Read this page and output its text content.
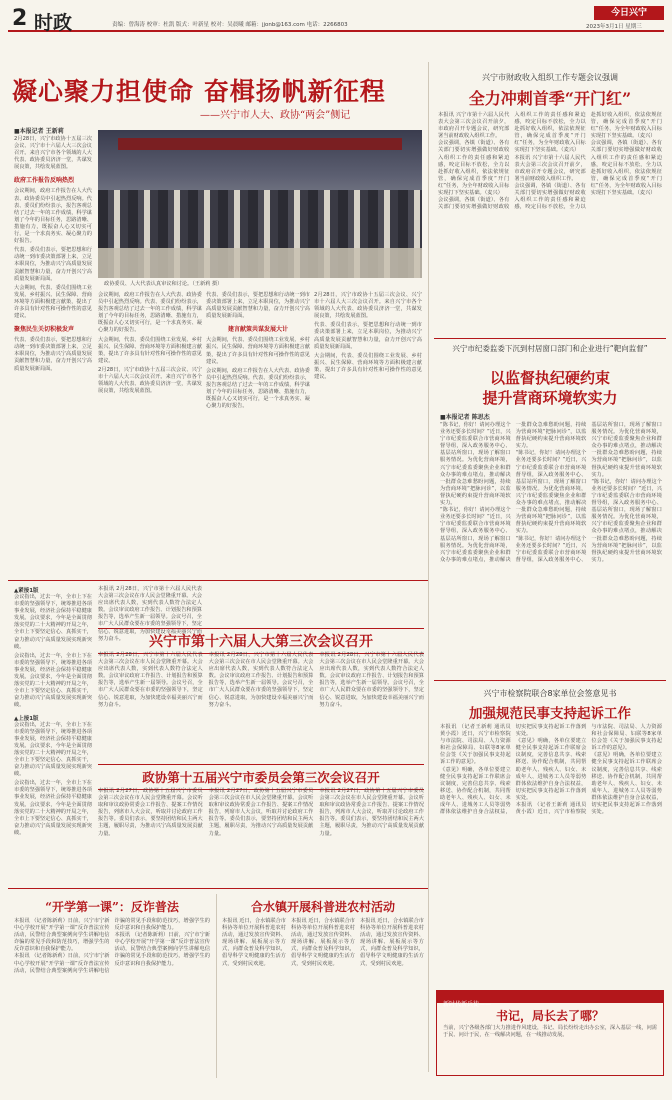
2 时政	责编：曾海涛 校审：杜凯 版式：叶新星 校对：吴晨曦 邮箱：jjonb@163.com 电话：2266803
今日兴宁
2023年3月1日 星期三
凝心聚力担使命 奋楫扬帆新征程
——兴宁市人大、政协“两会”侧记
■本报记者 王新莉
2月28日，兴宁市政协十五届三次会议、兴宁市十六届人大三次会议召开。来自兴宁市各个领域的人大代表、政协委员济济一堂，共谋发展良策，共绘发展蓝图。
政府工作报告反响热烈
会议期间，政府工作报告在人大代表、政协委员中引起热烈反响。代表、委员们纷纷表示，报告客观总结了过去一年的工作成绩，科学谋划了今年的目标任务，思路清晰、措施有力，既振奋人心又切实可行，是一个求真务实、凝心聚力的好报告。
代表、委员们表示，要把思想和行动统一到市委决策部署上来，立足本职岗位，为推动兴宁高质量发展贡献智慧和力量，奋力开创兴宁高质量发展新局面。
大会期间，代表、委员们围绕工业发展、乡村振兴、民生保障、营商环境等方面积极建言献策，提出了许多具有针对性和可操作性的意见建议。
聚焦民生关切积极发声
代表、委员们表示，要把思想和行动统一到市委决策部署上来，立足本职岗位，为推动兴宁高质量发展贡献智慧和力量，奋力开创兴宁高质量发展新局面。
政协委员、人大代表认真审议和讨论。（王新莉 摄）
会议期间，政府工作报告在人大代表、政协委员中引起热烈反响。代表、委员们纷纷表示，报告客观总结了过去一年的工作成绩，科学谋划了今年的目标任务，思路清晰、措施有力，既振奋人心又切实可行，是一个求真务实、凝心聚力的好报告。
大会期间，代表、委员们围绕工业发展、乡村振兴、民生保障、营商环境等方面积极建言献策，提出了许多具有针对性和可操作性的意见建议。
2月28日，兴宁市政协十五届三次会议、兴宁市十六届人大三次会议召开。来自兴宁市各个领域的人大代表、政协委员济济一堂，共谋发展良策，共绘发展蓝图。
代表、委员们表示，要把思想和行动统一到市委决策部署上来，立足本职岗位，为推动兴宁高质量发展贡献智慧和力量，奋力开创兴宁高质量发展新局面。
建言献策共谋发展大计
大会期间，代表、委员们围绕工业发展、乡村振兴、民生保障、营商环境等方面积极建言献策，提出了许多具有针对性和可操作性的意见建议。
会议期间，政府工作报告在人大代表、政协委员中引起热烈反响。代表、委员们纷纷表示，报告客观总结了过去一年的工作成绩，科学谋划了今年的目标任务，思路清晰、措施有力，既振奋人心又切实可行，是一个求真务实、凝心聚力的好报告。
2月28日，兴宁市政协十五届三次会议、兴宁市十六届人大三次会议召开。来自兴宁市各个领域的人大代表、政协委员济济一堂，共谋发展良策，共绘发展蓝图。
代表、委员们表示，要把思想和行动统一到市委决策部署上来，立足本职岗位，为推动兴宁高质量发展贡献智慧和力量，奋力开创兴宁高质量发展新局面。
大会期间，代表、委员们围绕工业发展、乡村振兴、民生保障、营商环境等方面积极建言献策，提出了许多具有针对性和可操作性的意见建议。
兴宁市财政收入组织工作专题会议强调
全力冲刺首季“开门红”
本报讯 兴宁市第十六届人民代表大会第三次会议召开前夕，市政府召开专题会议，研究部署当前财政收入组织工作。
会议强调，各镇（街道）、各有关部门要切实增强做好财政收入组织工作的责任感和紧迫感，咬定目标不放松，全力以赴抓好收入组织，依法依规征管，确保完成首季度“开门红”任务，为全年财政收入目标实现打下坚实基础。（麦兴）
会议强调，各镇（街道）、各有关部门要切实增强做好财政收入组织工作的责任感和紧迫感，咬定目标不放松，全力以赴抓好收入组织，依法依规征管，确保完成首季度“开门红”任务，为全年财政收入目标实现打下坚实基础。（麦兴）
本报讯 兴宁市第十六届人民代表大会第三次会议召开前夕，市政府召开专题会议，研究部署当前财政收入组织工作。
会议强调，各镇（街道）、各有关部门要切实增强做好财政收入组织工作的责任感和紧迫感，咬定目标不放松，全力以赴抓好收入组织，依法依规征管，确保完成首季度“开门红”任务，为全年财政收入目标实现打下坚实基础。（麦兴）
会议强调，各镇（街道）、各有关部门要切实增强做好财政收入组织工作的责任感和紧迫感，咬定目标不放松，全力以赴抓好收入组织，依法依规征管，确保完成首季度“开门红”任务，为全年财政收入目标实现打下坚实基础。（麦兴）
兴宁市纪委监委下沉到村居窗口部门和企业进行“靶向监督”
以监督执纪硬约束
提升营商环境软实力
■本报记者 陈思杰
“陈书记，你好！请问办理这个业务还要多长时间？”近日，兴宁市纪委监委联合市营商环境督导组，深入政务服务中心、基层站所窗口，现场了解窗口服务情况。为优化营商环境，兴宁市纪委监委聚焦企业和群众办事的难点堵点，推动解决一批群众急难愁盼问题，持续为营商环境“把脉问诊”，以监督执纪硬约束提升营商环境软实力。
“陈书记，你好！请问办理这个业务还要多长时间？”近日，兴宁市纪委监委联合市营商环境督导组，深入政务服务中心、基层站所窗口，现场了解窗口服务情况。为优化营商环境，兴宁市纪委监委聚焦企业和群众办事的难点堵点，推动解决一批群众急难愁盼问题，持续为营商环境“把脉问诊”，以监督执纪硬约束提升营商环境软实力。
“陈书记，你好！请问办理这个业务还要多长时间？”近日，兴宁市纪委监委联合市营商环境督导组，深入政务服务中心、基层站所窗口，现场了解窗口服务情况。为优化营商环境，兴宁市纪委监委聚焦企业和群众办事的难点堵点，推动解决一批群众急难愁盼问题，持续为营商环境“把脉问诊”，以监督执纪硬约束提升营商环境软实力。
“陈书记，你好！请问办理这个业务还要多长时间？”近日，兴宁市纪委监委联合市营商环境督导组，深入政务服务中心、基层站所窗口，现场了解窗口服务情况。为优化营商环境，兴宁市纪委监委聚焦企业和群众办事的难点堵点，推动解决一批群众急难愁盼问题，持续为营商环境“把脉问诊”，以监督执纪硬约束提升营商环境软实力。
“陈书记，你好！请问办理这个业务还要多长时间？”近日，兴宁市纪委监委联合市营商环境督导组，深入政务服务中心、基层站所窗口，现场了解窗口服务情况。为优化营商环境，兴宁市纪委监委聚焦企业和群众办事的难点堵点，推动解决一批群众急难愁盼问题，持续为营商环境“把脉问诊”，以监督执纪硬约束提升营商环境软实力。
兴宁市检察院联合8家单位会签意见书
加强规范民事支持起诉工作
本报讯 （记者王新莉 通讯员黄小霞）近日，兴宁市检察院与市法院、司法局、人力资源和社会保障局、妇联等8家单位会签《关于加强民事支持起诉工作的意见》。
《意见》明确，各单位要建立健全民事支持起诉工作联席会议制度，完善信息共享、线索移送、协作配合机制，共同帮助老年人、残疾人、妇女、未成年人、进城务工人员等弱势群体依法维护自身合法权益，切实把民事支持起诉工作落到实处。
《意见》明确，各单位要建立健全民事支持起诉工作联席会议制度，完善信息共享、线索移送、协作配合机制，共同帮助老年人、残疾人、妇女、未成年人、进城务工人员等弱势群体依法维护自身合法权益，切实把民事支持起诉工作落到实处。
本报讯 （记者王新莉 通讯员黄小霞）近日，兴宁市检察院与市法院、司法局、人力资源和社会保障局、妇联等8家单位会签《关于加强民事支持起诉工作的意见》。
《意见》明确，各单位要建立健全民事支持起诉工作联席会议制度，完善信息共享、线索移送、协作配合机制，共同帮助老年人、残疾人、妇女、未成年人、进城务工人员等弱势群体依法维护自身合法权益，切实把民事支持起诉工作落到实处。
新时代新兵徒——
书记，局长去了哪？
当前，兴宁各级各部门大力推进作风建设，书记、局长纷纷走出办公室，深入基层一线，问需于民、问计于民，在一线解决问题，在一线推动发展。
▲紧接1版
会议指出，过去一年，全市上下在市委的坚强领导下，统筹推进各项事业发展，经济社会保持平稳健康发展。会议要求，今年是全面贯彻落实党的二十大精神的开局之年，全市上下要坚定信心、真抓实干，奋力推动兴宁高质量发展实现新突破。
会议指出，过去一年，全市上下在市委的坚强领导下，统筹推进各项事业发展，经济社会保持平稳健康发展。会议要求，今年是全面贯彻落实党的二十大精神的开局之年，全市上下要坚定信心、真抓实干，奋力推动兴宁高质量发展实现新突破。
▲上接1版
会议指出，过去一年，全市上下在市委的坚强领导下，统筹推进各项事业发展，经济社会保持平稳健康发展。会议要求，今年是全面贯彻落实党的二十大精神的开局之年，全市上下要坚定信心、真抓实干，奋力推动兴宁高质量发展实现新突破。
会议指出，过去一年，全市上下在市委的坚强领导下，统筹推进各项事业发展，经济社会保持平稳健康发展。会议要求，今年是全面贯彻落实党的二十大精神的开局之年，全市上下要坚定信心、真抓实干，奋力推动兴宁高质量发展实现新突破。
本报讯 2月28日，兴宁市第十六届人民代表大会第三次会议在市人民会堂隆重开幕。大会应出席代表人数，实到代表人数符合法定人数。会议审议政府工作报告、计划报告和预算报告等，选举产生新一届领导。会议号召，全市广大人民群众要在市委的坚强领导下，坚定信心、锐意进取，为加快建设幸福美丽兴宁而努力奋斗。	兴宁市第十六届人大第三次会议召开
本报讯 2月28日，兴宁市第十六届人民代表大会第三次会议在市人民会堂隆重开幕。大会应出席代表人数，实到代表人数符合法定人数。会议审议政府工作报告、计划报告和预算报告等，选举产生新一届领导。会议号召，全市广大人民群众要在市委的坚强领导下，坚定信心、锐意进取，为加快建设幸福美丽兴宁而努力奋斗。
本报讯 2月28日，兴宁市第十六届人民代表大会第三次会议在市人民会堂隆重开幕。大会应出席代表人数，实到代表人数符合法定人数。会议审议政府工作报告、计划报告和预算报告等，选举产生新一届领导。会议号召，全市广大人民群众要在市委的坚强领导下，坚定信心、锐意进取，为加快建设幸福美丽兴宁而努力奋斗。
本报讯 2月28日，兴宁市第十六届人民代表大会第三次会议在市人民会堂隆重开幕。大会应出席代表人数，实到代表人数符合法定人数。会议审议政府工作报告、计划报告和预算报告等，选举产生新一届领导。会议号召，全市广大人民群众要在市委的坚强领导下，坚定信心、锐意进取，为加快建设幸福美丽兴宁而努力奋斗。
政协第十五届兴宁市委员会第三次会议召开
本报讯 2月27日，政协第十五届兴宁市委员会第三次会议在市人民会堂隆重开幕。会议听取和审议政协常委会工作报告、提案工作情况报告，列席市人大会议，听取并讨论政府工作报告等。委员们表示，要坚持团结和民主两大主题，履职尽责，为推动兴宁高质量发展贡献力量。
本报讯 2月27日，政协第十五届兴宁市委员会第三次会议在市人民会堂隆重开幕。会议听取和审议政协常委会工作报告、提案工作情况报告，列席市人大会议，听取并讨论政府工作报告等。委员们表示，要坚持团结和民主两大主题，履职尽责，为推动兴宁高质量发展贡献力量。
本报讯 2月27日，政协第十五届兴宁市委员会第三次会议在市人民会堂隆重开幕。会议听取和审议政协常委会工作报告、提案工作情况报告，列席市人大会议，听取并讨论政府工作报告等。委员们表示，要坚持团结和民主两大主题，履职尽责，为推动兴宁高质量发展贡献力量。
“开学第一课”：反诈普法
本报讯 （记者陈新莉）日前，兴宁市宁新中心学校开展“开学第一课”反诈普法宣传活动，民警结合典型案例向学生讲解电信诈骗的常见手段和防范技巧，增强学生的反诈意识和自我保护能力。
本报讯 （记者陈新莉）日前，兴宁市宁新中心学校开展“开学第一课”反诈普法宣传活动，民警结合典型案例向学生讲解电信诈骗的常见手段和防范技巧，增强学生的反诈意识和自我保护能力。
本报讯 （记者陈新莉）日前，兴宁市宁新中心学校开展“开学第一课”反诈普法宣传活动，民警结合典型案例向学生讲解电信诈骗的常见手段和防范技巧，增强学生的反诈意识和自我保护能力。
合水镇开展科普进农村活动
本报讯 近日，合水镇联合市科协等单位开展科普进农村活动，通过发放宣传资料、现场讲解、展板展示等方式，向群众普及科学知识，倡导科学文明健康的生活方式，受到村民欢迎。
本报讯 近日，合水镇联合市科协等单位开展科普进农村活动，通过发放宣传资料、现场讲解、展板展示等方式，向群众普及科学知识，倡导科学文明健康的生活方式，受到村民欢迎。
本报讯 近日，合水镇联合市科协等单位开展科普进农村活动，通过发放宣传资料、现场讲解、展板展示等方式，向群众普及科学知识，倡导科学文明健康的生活方式，受到村民欢迎。
